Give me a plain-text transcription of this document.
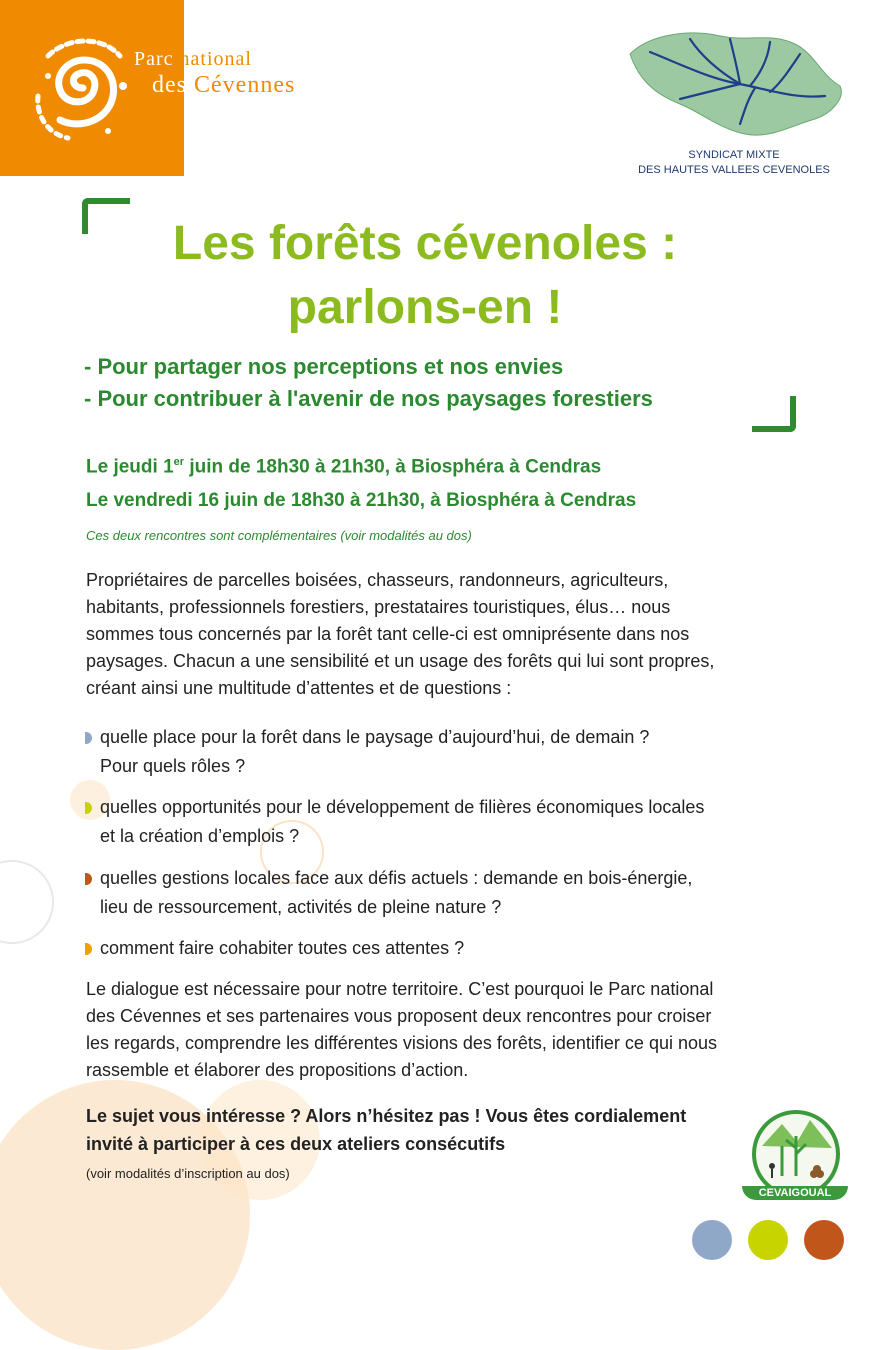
Parc national
des Cévennes
SYNDICAT MIXTE
DES HAUTES VALLEES CEVENOLES
Les forêts cévenoles :
parlons-en !
- Pour partager nos perceptions et nos envies
- Pour contribuer à l'avenir de nos paysages forestiers
Le jeudi 1er juin de 18h30 à 21h30, à Biosphéra à Cendras
Le vendredi 16 juin de 18h30 à 21h30, à Biosphéra à Cendras
Ces deux rencontres sont complémentaires (voir modalités au dos)
Propriétaires de parcelles boisées, chasseurs, randonneurs, agriculteurs,
habitants, professionnels forestiers, prestataires touristiques, élus… nous
sommes tous concernés par la forêt tant celle-ci est omniprésente dans nos
paysages. Chacun a une sensibilité et un usage des forêts qui lui sont propres,
créant ainsi une multitude d’attentes et de questions :
quelle place pour la forêt dans le paysage d’aujourd’hui, de demain ?
Pour quels rôles ?
quelles opportunités pour le développement de filières économiques locales
et la création d’emplois ?
quelles gestions locales face aux défis actuels : demande en bois-énergie,
lieu de ressourcement, activités de pleine nature ?
comment faire cohabiter toutes ces attentes ?
Le dialogue est nécessaire pour notre territoire. C’est pourquoi le Parc national
des Cévennes et ses partenaires vous proposent deux rencontres pour croiser
les regards, comprendre les différentes visions des forêts, identifier ce qui nous
rassemble et élaborer des propositions d’action.
Le sujet vous intéresse ? Alors n’hésitez pas ! Vous êtes cordialement
invité à participer à ces deux ateliers consécutifs
(voir modalités d’inscription au dos)
CEVAIGOUAL
